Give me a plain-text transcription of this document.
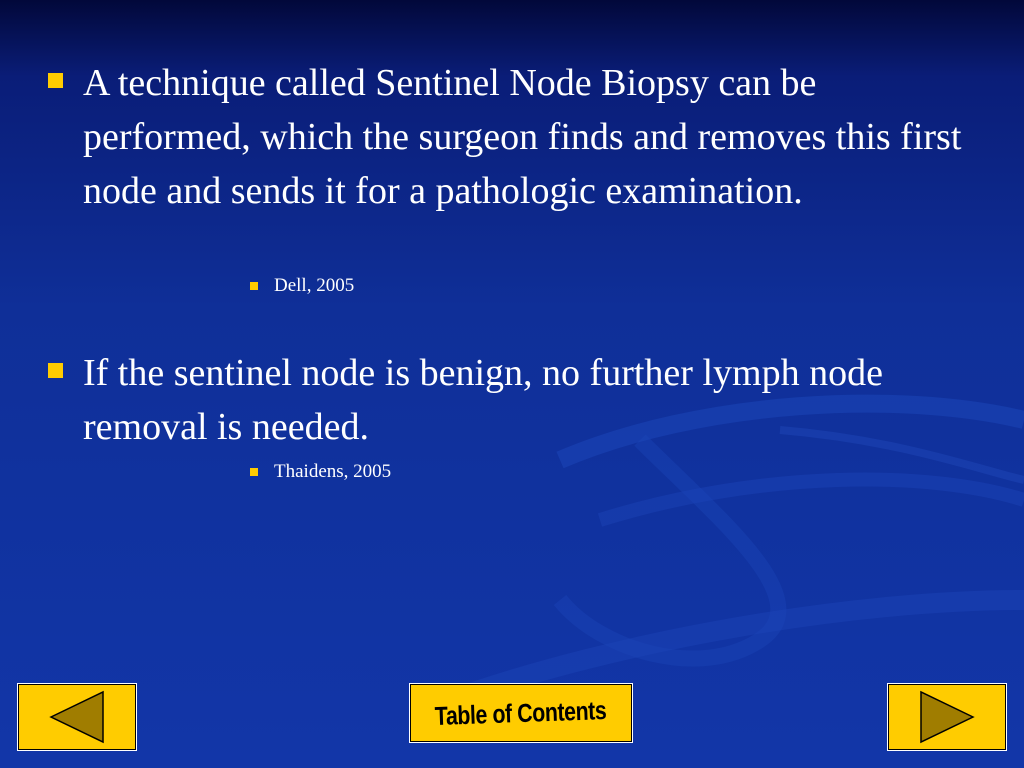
A technique called Sentinel Node Biopsy can be performed, which the surgeon finds and removes this first node and sends it for a pathologic examination.
Dell, 2005
If the sentinel node is benign, no further lymph node removal is needed.
Thaidens, 2005
Table of Contents
